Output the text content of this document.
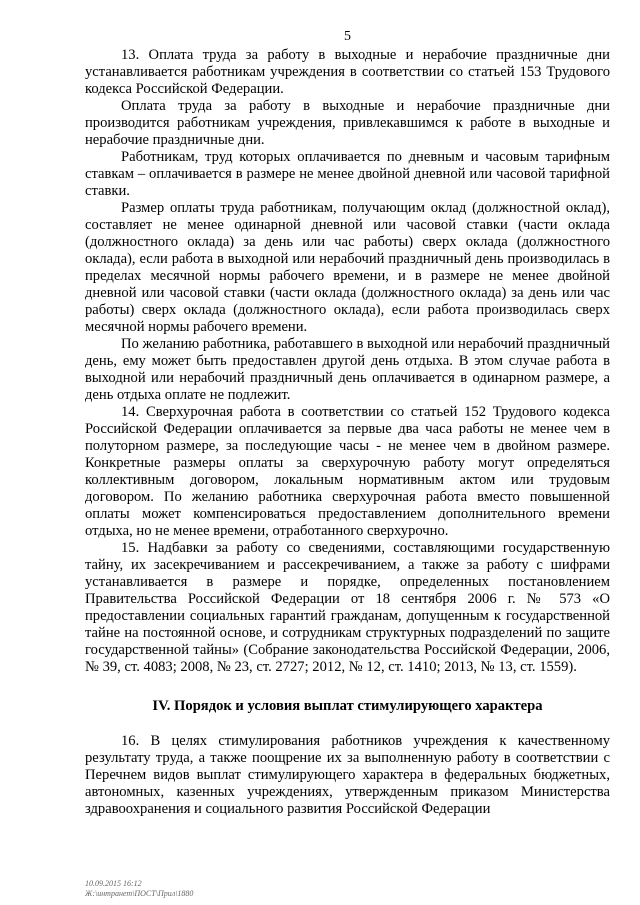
5

13. Оплата труда за работу в выходные и нерабочие праздничные дни устанавливается работникам учреждения в соответствии со статьей 153 Трудового кодекса Российской Федерации.

Оплата труда за работу в выходные и нерабочие праздничные дни производится работникам учреждения, привлекавшимся к работе в выходные и нерабочие праздничные дни.

Работникам, труд которых оплачивается по дневным и часовым тарифным ставкам – оплачивается в размере не менее двойной дневной или часовой тарифной ставки.

Размер оплаты труда работникам, получающим оклад (должностной оклад), составляет не менее одинарной дневной или часовой ставки (части оклада (должностного оклада) за день или час работы) сверх оклада (должностного оклада), если работа в выходной или нерабочий праздничный день производилась в пределах месячной нормы рабочего времени, и в размере не менее двойной дневной или часовой ставки (части оклада (должностного оклада) за день или час работы) сверх оклада (должностного оклада), если работа производилась сверх месячной нормы рабочего времени.

По желанию работника, работавшего в выходной или нерабочий праздничный день, ему может быть предоставлен другой день отдыха. В этом случае работа в выходной или нерабочий праздничный день оплачивается в одинарном размере, а день отдыха оплате не подлежит.

14. Сверхурочная работа в соответствии со статьей 152 Трудового кодекса Российской Федерации оплачивается за первые два часа работы не менее чем в полуторном размере, за последующие часы - не менее чем в двойном размере. Конкретные размеры оплаты за сверхурочную работу могут определяться коллективным договором, локальным нормативным актом или трудовым договором. По желанию работника сверхурочная работа вместо повышенной оплаты может компенсироваться предоставлением дополнительного времени отдыха, но не менее времени, отработанного сверхурочно.

15. Надбавки за работу со сведениями, составляющими государственную тайну, их засекречиванием и рассекречиванием, а также за работу с шифрами устанавливается в размере и порядке, определенных постановлением Правительства Российской Федерации от 18 сентября 2006 г. № 573 «О предоставлении социальных гарантий гражданам, допущенным к государственной тайне на постоянной основе, и сотрудникам структурных подразделений по защите государственной тайны» (Собрание законодательства Российской Федерации, 2006, № 39, ст. 4083; 2008, № 23, ст. 2727; 2012, № 12, ст. 1410; 2013, № 13, ст. 1559).

IV. Порядок и условия выплат стимулирующего характера

16. В целях стимулирования работников учреждения к качественному результату труда, а также поощрение их за выполненную работу в соответствии с Перечнем видов выплат стимулирующего характера в федеральных бюджетных, автономных, казенных учреждениях, утвержденным приказом Министерства здравоохранения и социального развития Российской Федерации

10.09.2015 16:12
Ж:\интранет\ПОСТ\Прил\1880
